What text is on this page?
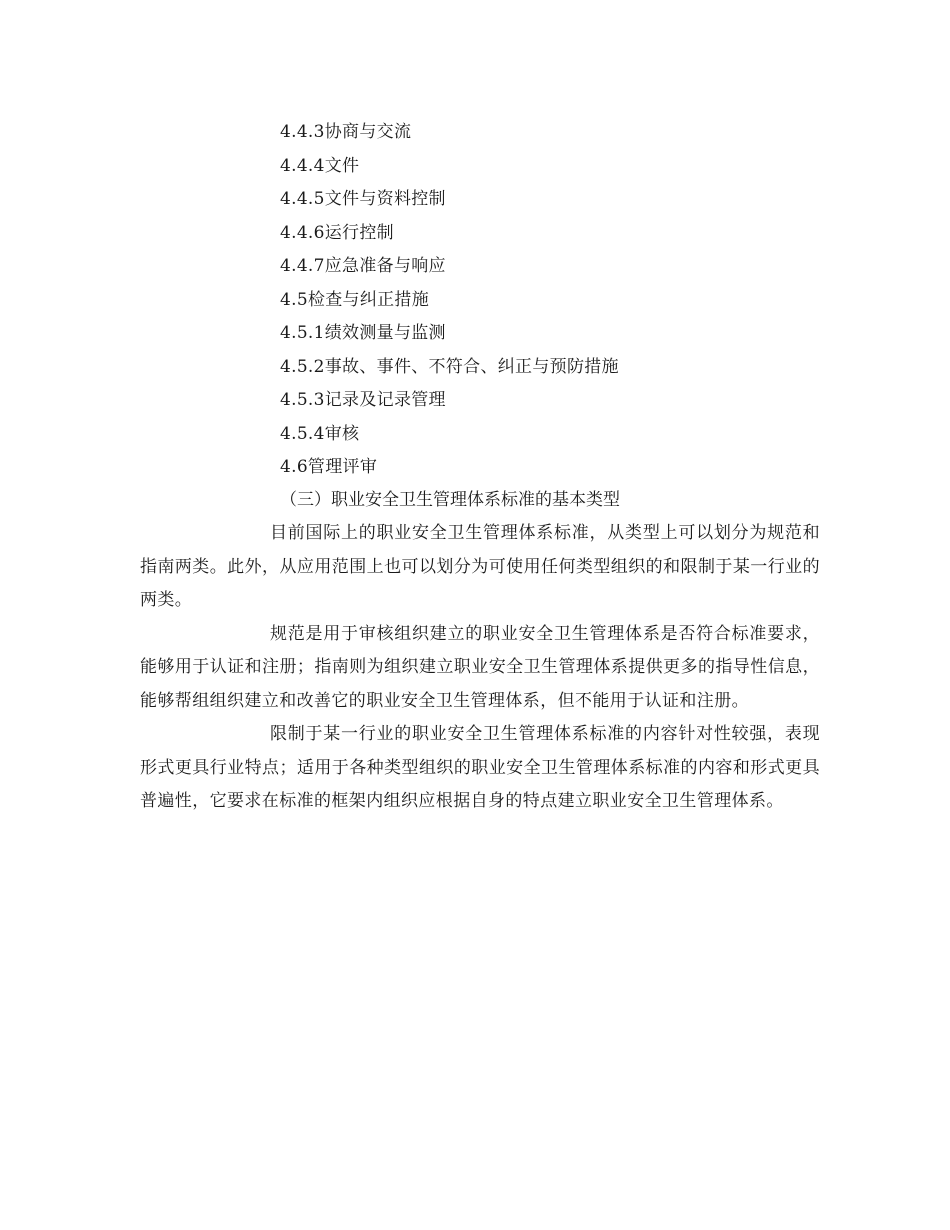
4.4.3协商与交流
4.4.4文件
4.4.5文件与资料控制
4.4.6运行控制
4.4.7应急准备与响应
4.5检查与纠正措施
4.5.1绩效测量与监测
4.5.2事故、事件、不符合、纠正与预防措施
4.5.3记录及记录管理
4.5.4审核
4.6管理评审
（三）职业安全卫生管理体系标准的基本类型

目前国际上的职业安全卫生管理体系标准，从类型上可以划分为规范和指南两类。此外，从应用范围上也可以划分为可使用任何类型组织的和限制于某一行业的两类。

规范是用于审核组织建立的职业安全卫生管理体系是否符合标准要求，能够用于认证和注册；指南则为组织建立职业安全卫生管理体系提供更多的指导性信息，能够帮组组织建立和改善它的职业安全卫生管理体系，但不能用于认证和注册。

限制于某一行业的职业安全卫生管理体系标准的内容针对性较强，表现形式更具行业特点；适用于各种类型组织的职业安全卫生管理体系标准的内容和形式更具普遍性，它要求在标准的框架内组织应根据自身的特点建立职业安全卫生管理体系。
